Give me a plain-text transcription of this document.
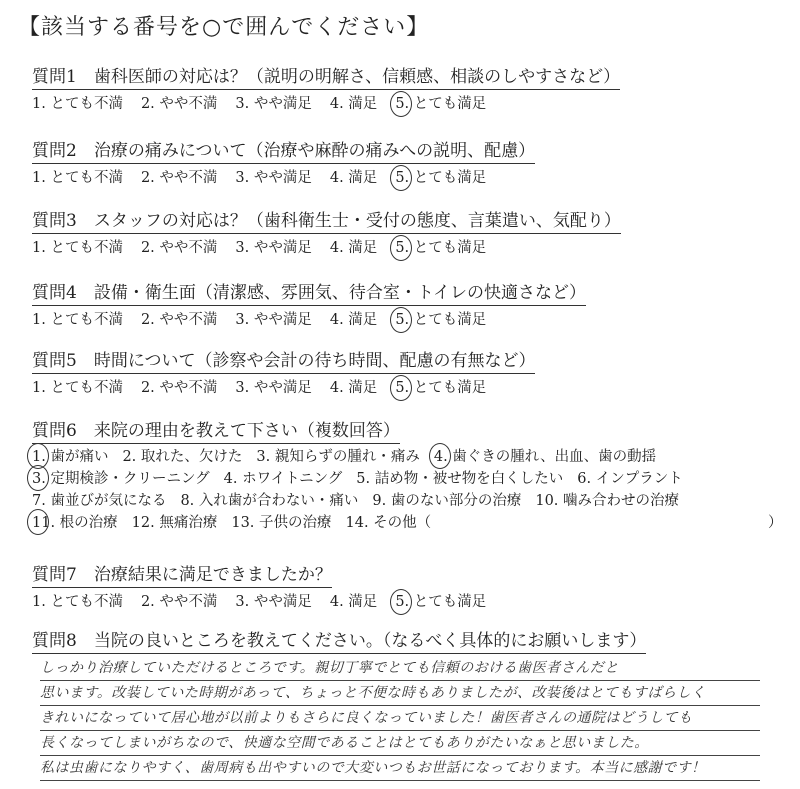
【該当する番号を○で囲んでください】
質問1　歯科医師の対応は？（説明の明解さ、信頼感、相談のしやすさなど）
1. とても不満 2. やや不満 3. やや満足 4. 満足 5. とても満足
質問2　治療の痛みについて（治療や麻酔の痛みへの説明、配慮）
1. とても不満 2. やや不満 3. やや満足 4. 満足 5. とても満足
質問3　スタッフの対応は？（歯科衛生士・受付の態度、言葉遣い、気配り）
1. とても不満 2. やや不満 3. やや満足 4. 満足 5. とても満足
質問4　設備・衛生面（清潔感、雰囲気、待合室・トイレの快適さなど）
1. とても不満 2. やや不満 3. やや満足 4. 満足 5. とても満足
質問5　時間について（診察や会計の待ち時間、配慮の有無など）
1. とても不満 2. やや不満 3. やや満足 4. 満足 5. とても満足
質問6　来院の理由を教えて下さい（複数回答）
1. 歯が痛い 2. 取れた、欠けた 3. 親知らずの腫れ・痛み 4. 歯ぐきの腫れ、出血、歯の動揺
3. 定期検診・クリーニング 4. ホワイトニング 5. 詰め物・被せ物を白くしたい 6. インプラント
7. 歯並びが気になる 8. 入れ歯が合わない・痛い 9. 歯のない部分の治療 10. 噛み合わせの治療
11. 根の治療 12. 無痛治療 13. 子供の治療 14. その他（	）
質問7　治療結果に満足できましたか？
1. とても不満 2. やや不満 3. やや満足 4. 満足 5. とても満足
質問8　当院の良いところを教えてください。（なるべく具体的にお願いします）
しっかり治療していただけるところです。親切丁寧でとても信頼のおける歯医者さんだと
思います。改装していた時期があって、ちょっと不便な時もありましたが、改装後はとてもすばらしく
きれいになっていて居心地が以前よりもさらに良くなっていました！歯医者さんの通院はどうしても
長くなってしまいがちなので、快適な空間であることはとてもありがたいなぁと思いました。
私は虫歯になりやすく、歯周病も出やすいので大変いつもお世話になっております。本当に感謝です！
